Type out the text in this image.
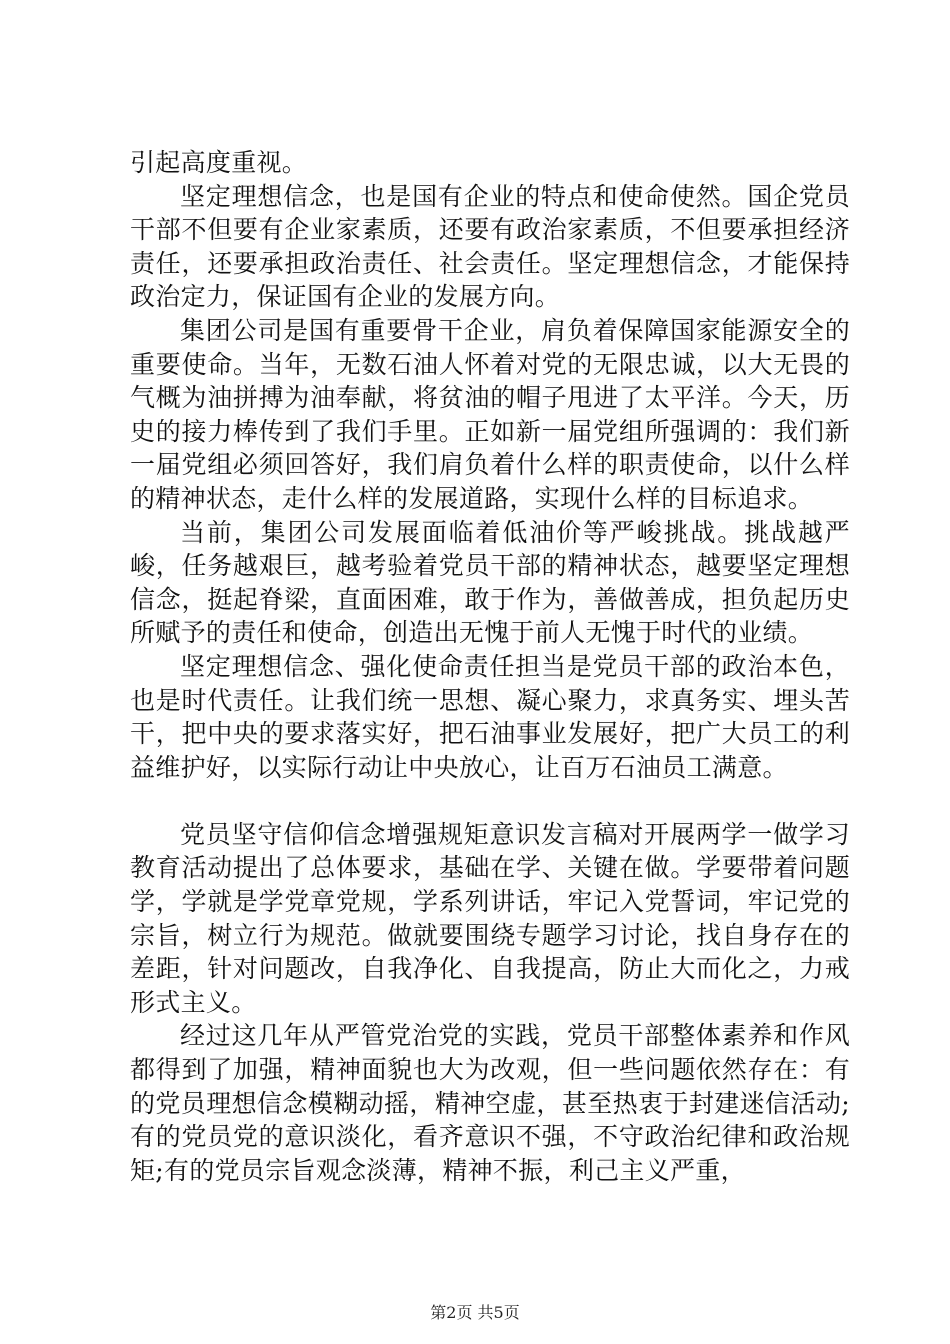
引起高度重视。

坚定理想信念，也是国有企业的特点和使命使然。国企党员干部不但要有企业家素质，还要有政治家素质，不但要承担经济责任，还要承担政治责任、社会责任。坚定理想信念，才能保持政治定力，保证国有企业的发展方向。

集团公司是国有重要骨干企业，肩负着保障国家能源安全的重要使命。当年，无数石油人怀着对党的无限忠诚，以大无畏的气概为油拼搏为油奉献，将贫油的帽子甩进了太平洋。今天，历史的接力棒传到了我们手里。正如新一届党组所强调的：我们新一届党组必须回答好，我们肩负着什么样的职责使命，以什么样的精神状态，走什么样的发展道路，实现什么样的目标追求。

当前，集团公司发展面临着低油价等严峻挑战。挑战越严峻，任务越艰巨，越考验着党员干部的精神状态，越要坚定理想信念，挺起脊梁，直面困难，敢于作为，善做善成，担负起历史所赋予的责任和使命，创造出无愧于前人无愧于时代的业绩。

坚定理想信念、强化使命责任担当是党员干部的政治本色，也是时代责任。让我们统一思想、凝心聚力，求真务实、埋头苦干，把中央的要求落实好，把石油事业发展好，把广大员工的利益维护好，以实际行动让中央放心，让百万石油员工满意。

党员坚守信仰信念增强规矩意识发言稿对开展两学一做学习教育活动提出了总体要求，基础在学、关键在做。学要带着问题学，学就是学党章党规，学系列讲话，牢记入党誓词，牢记党的宗旨，树立行为规范。做就要围绕专题学习讨论，找自身存在的差距，针对问题改，自我净化、自我提高，防止大而化之，力戒形式主义。

经过这几年从严管党治党的实践，党员干部整体素养和作风都得到了加强，精神面貌也大为改观，但一些问题依然存在：有的党员理想信念模糊动摇，精神空虚，甚至热衷于封建迷信活动;有的党员党的意识淡化，看齐意识不强，不守政治纪律和政治规矩;有的党员宗旨观念淡薄，精神不振，利己主义严重，

第2页 共5页
